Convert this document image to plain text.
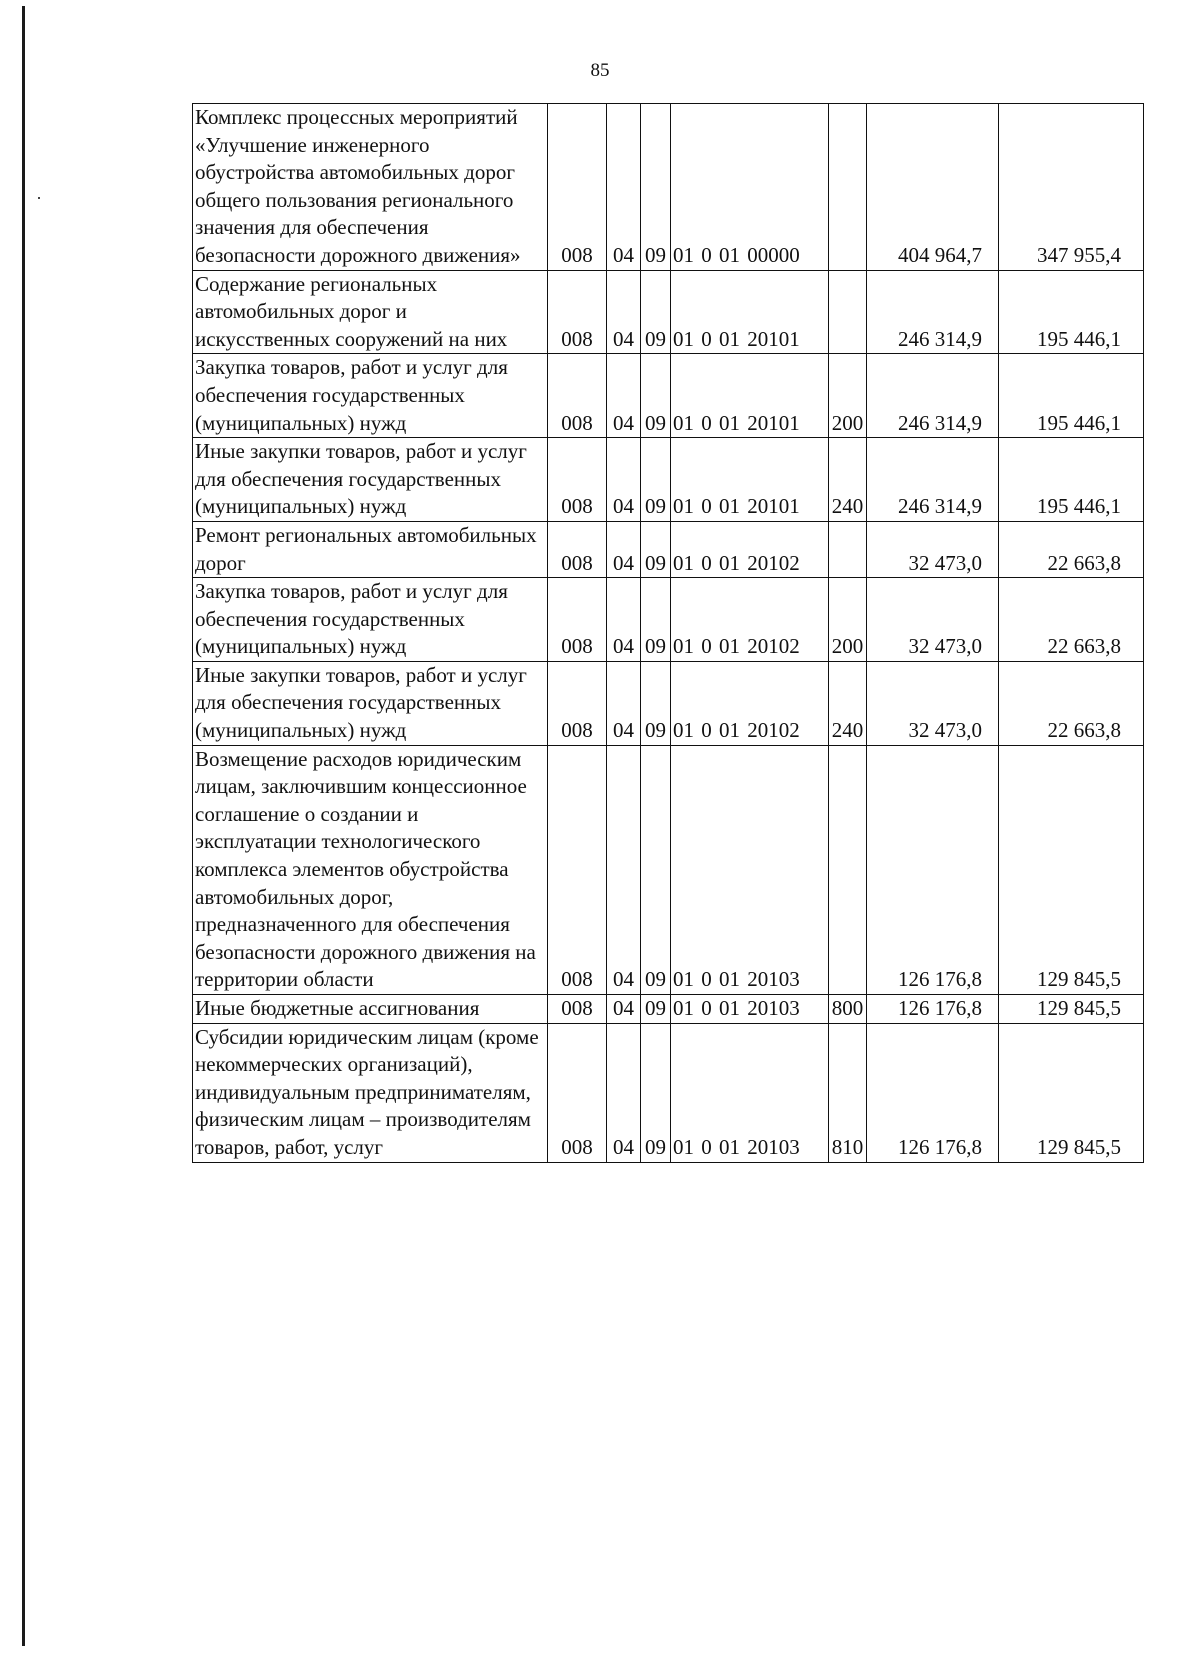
85
Комплекс процессных мероприятий «Улучшение инженерного обустройства автомобильных дорог общего пользования регионального значения для обеспечения безопасности дорожного движения»	008	04	09	01 0 01 00000		404 964,7	347 955,4
Содержание региональных автомобильных дорог и искусственных сооружений на них	008	04	09	01 0 01 20101		246 314,9	195 446,1
Закупка товаров, работ и услуг для обеспечения государственных (муниципальных) нужд	008	04	09	01 0 01 20101	200	246 314,9	195 446,1
Иные закупки товаров, работ и услуг для обеспечения государственных (муниципальных) нужд	008	04	09	01 0 01 20101	240	246 314,9	195 446,1
Ремонт региональных автомобильных дорог	008	04	09	01 0 01 20102		32 473,0	22 663,8
Закупка товаров, работ и услуг для обеспечения государственных (муниципальных) нужд	008	04	09	01 0 01 20102	200	32 473,0	22 663,8
Иные закупки товаров, работ и услуг для обеспечения государственных (муниципальных) нужд	008	04	09	01 0 01 20102	240	32 473,0	22 663,8
Возмещение расходов юридическим лицам, заключившим концессионное соглашение о создании и эксплуатации технологического комплекса элементов обустройства автомобильных дорог, предназначенного для обеспечения безопасности дорожного движения на территории области	008	04	09	01 0 01 20103		126 176,8	129 845,5
Иные бюджетные ассигнования	008	04	09	01 0 01 20103	800	126 176,8	129 845,5
Субсидии юридическим лицам (кроме некоммерческих организаций), индивидуальным предпринимателям, физическим лицам – производителям товаров, работ, услуг	008	04	09	01 0 01 20103	810	126 176,8	129 845,5
